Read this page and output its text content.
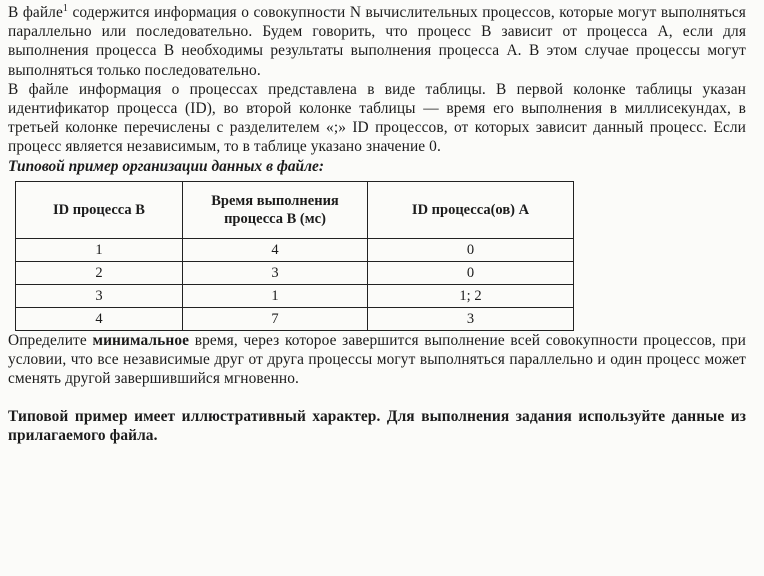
В файле$^1$ содержится информация о совокупности N вычислительных процессов, которые могут выполняться параллельно или последовательно. Будем говорить, что процесс B зависит от процесса A, если для выполнения процесса B необходимы результаты выполнения процесса A. В этом случае процессы могут выполняться только последовательно.

В файле информация о процессах представлена в виде таблицы. В первой колонке таблицы указан идентификатор процесса (ID), во второй колонке таблицы — время его выполнения в миллисекундах, в третьей колонке перечислены с разделителем «;» ID процессов, от которых зависит данный процесс. Если процесс является независимым, то в таблице указано значение 0.

Типовой пример организации данных в файле:

ID процесса B	Время выполнения процесса B (мс)	ID процесса(ов) A
1	4	0
2	3	0
3	1	1; 2
4	7	3

Определите минимальное время, через которое завершится выполнение всей совокупности процессов, при условии, что все независимые друг от друга процессы могут выполняться параллельно и один процесс может сменять другой завершившийся мгновенно.

Типовой пример имеет иллюстративный характер. Для выполнения задания используйте данные из прилагаемого файла.
